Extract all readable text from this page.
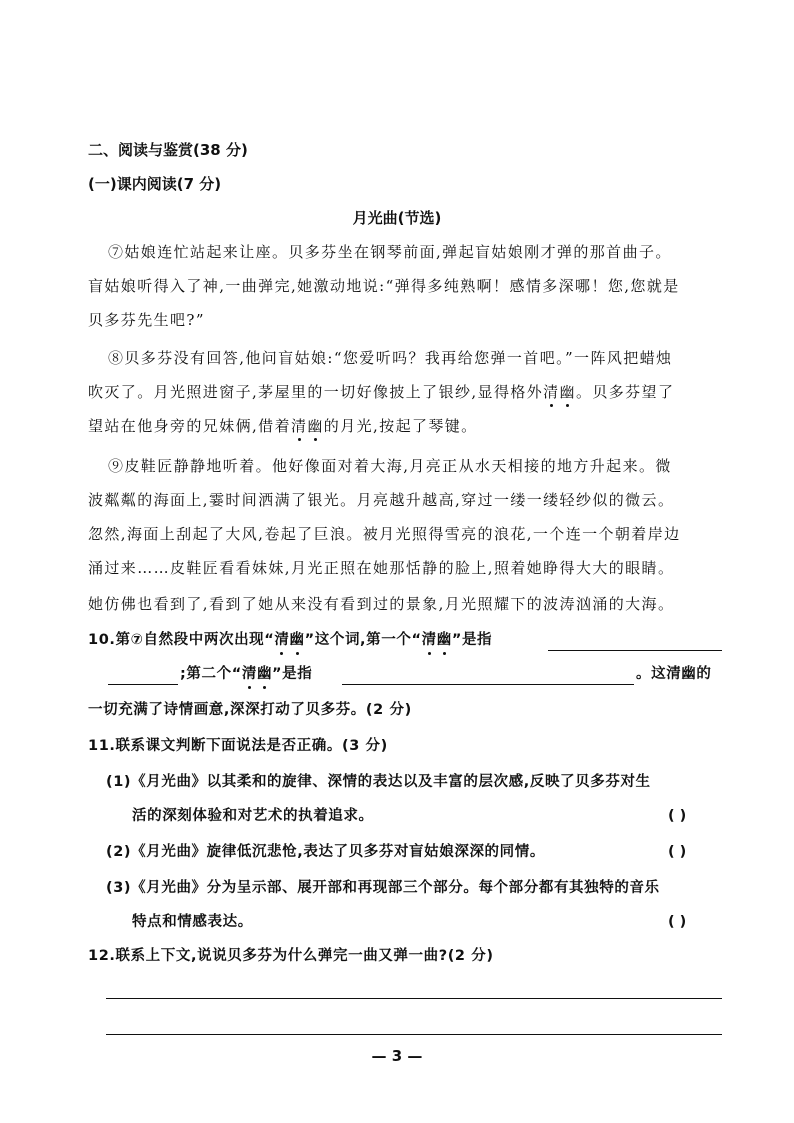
二、阅读与鉴赏(38 分)
(一)课内阅读(7 分)
月光曲(节选)
⑦姑娘连忙站起来让座。贝多芬坐在钢琴前面,弹起盲姑娘刚才弹的那首曲子。
盲姑娘听得入了神,一曲弹完,她激动地说:“弹得多纯熟啊！感情多深哪！您,您就是
贝多芬先生吧?”
⑧贝多芬没有回答,他问盲姑娘:“您爱听吗？我再给您弹一首吧。”一阵风把蜡烛
吹灭了。月光照进窗子,茅屋里的一切好像披上了银纱,显得格外清幽。贝多芬望了
望站在他身旁的兄妹俩,借着清幽的月光,按起了琴键。
⑨皮鞋匠静静地听着。他好像面对着大海,月亮正从水天相接的地方升起来。微
波粼粼的海面上,霎时间洒满了银光。月亮越升越高,穿过一缕一缕轻纱似的微云。
忽然,海面上刮起了大风,卷起了巨浪。被月光照得雪亮的浪花,一个连一个朝着岸边
涌过来……皮鞋匠看看妹妹,月光正照在她那恬静的脸上,照着她睁得大大的眼睛。
她仿佛也看到了,看到了她从来没有看到过的景象,月光照耀下的波涛汹涌的大海。
10.第⑦自然段中两次出现“清幽”这个词,第一个“清幽”是指
;第二个“清幽”是指	。这清幽的
一切充满了诗情画意,深深打动了贝多芬。(2 分)
11.联系课文判断下面说法是否正确。(3 分)
(1)《月光曲》以其柔和的旋律、深情的表达以及丰富的层次感,反映了贝多芬对生
活的深刻体验和对艺术的执着追求。	( )
(2)《月光曲》旋律低沉悲怆,表达了贝多芬对盲姑娘深深的同情。	( )
(3)《月光曲》分为呈示部、展开部和再现部三个部分。每个部分都有其独特的音乐
特点和情感表达。	( )
12.联系上下文,说说贝多芬为什么弹完一曲又弹一曲?(2 分)
— 3 —
